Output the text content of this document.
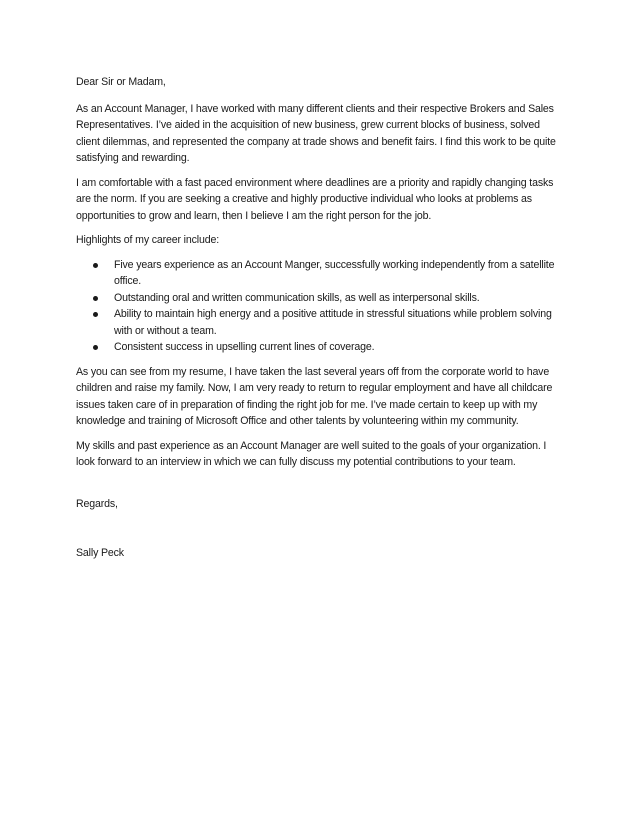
Dear Sir or Madam,

As an Account Manager, I have worked with many different clients and their respective Brokers and Sales Representatives. I’ve aided in the acquisition of new business, grew current blocks of business, solved client dilemmas, and represented the company at trade shows and benefit fairs. I find this work to be quite satisfying and rewarding.

I am comfortable with a fast paced environment where deadlines are a priority and rapidly changing tasks are the norm. If you are seeking a creative and highly productive individual who looks at problems as opportunities to grow and learn, then I believe I am the right person for the job.

Highlights of my career include:

Five years experience as an Account Manger, successfully working independently from a satellite office.
Outstanding oral and written communication skills, as well as interpersonal skills.
Ability to maintain high energy and a positive attitude in stressful situations while problem solving with or without a team.
Consistent success in upselling current lines of coverage.

As you can see from my resume, I have taken the last several years off from the corporate world to have children and raise my family. Now, I am very ready to return to regular employment and have all childcare issues taken care of in preparation of finding the right job for me. I’ve made certain to keep up with my knowledge and training of Microsoft Office and other talents by volunteering within my community.

My skills and past experience as an Account Manager are well suited to the goals of your organization. I look forward to an interview in which we can fully discuss my potential contributions to your team.

Regards,

Sally Peck
